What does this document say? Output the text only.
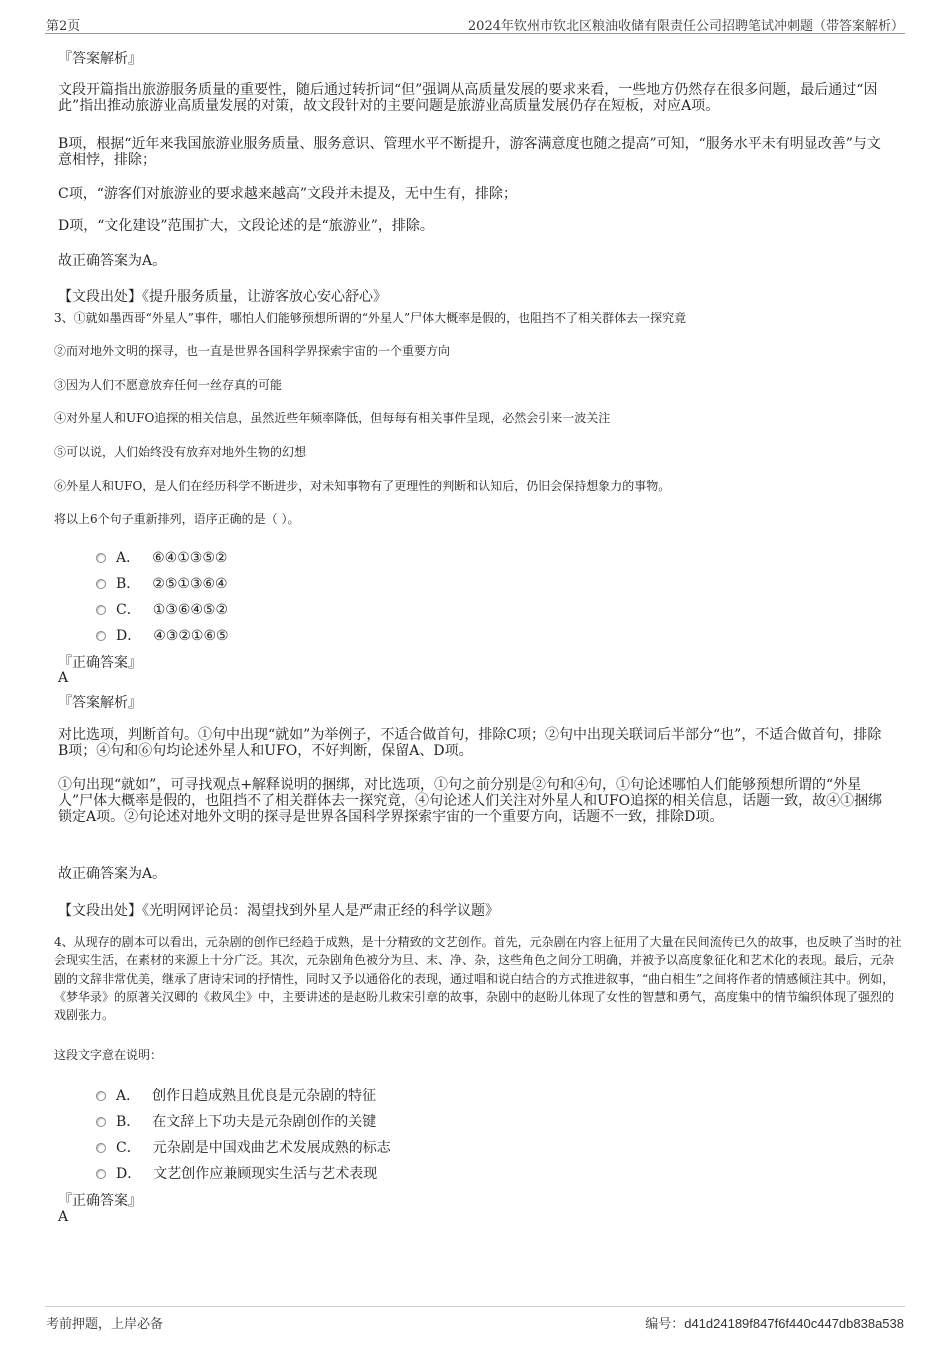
第2页	2024年钦州市钦北区粮油收储有限责任公司招聘笔试冲刺题（带答案解析）
『答案解析』
文段开篇指出旅游服务质量的重要性，随后通过转折词“但”强调从高质量发展的要求来看，一些地方仍然存在很多问题，最后通过“因此”指出推动旅游业高质量发展的对策，故文段针对的主要问题是旅游业高质量发展仍存在短板，对应A项。
B项，根据“近年来我国旅游业服务质量、服务意识、管理水平不断提升，游客满意度也随之提高”可知，“服务水平未有明显改善”与文意相悖，排除；
C项，“游客们对旅游业的要求越来越高”文段并未提及，无中生有，排除；
D项，“文化建设”范围扩大，文段论述的是“旅游业”，排除。
故正确答案为A。
【文段出处】《提升服务质量，让游客放心安心舒心》
3、①就如墨西哥“外星人”事件，哪怕人们能够预想所谓的“外星人”尸体大概率是假的，也阻挡不了相关群体去一探究竟
②而对地外文明的探寻，也一直是世界各国科学界探索宇宙的一个重要方向
③因为人们不愿意放弃任何一丝存真的可能
④对外星人和UFO追探的相关信息，虽然近些年频率降低，但每每有相关事件呈现，必然会引来一波关注
⑤可以说，人们始终没有放弃对地外生物的幻想
⑥外星人和UFO，是人们在经历科学不断进步，对未知事物有了更理性的判断和认知后，仍旧会保持想象力的事物。
将以上6个句子重新排列，语序正确的是（ ）。
A． ⑥④①③⑤②
B． ②⑤①③⑥④
C． ①③⑥④⑤②
D． ④③②①⑥⑤
『正确答案』
A
『答案解析』
对比选项，判断首句。①句中出现“就如”为举例子，不适合做首句，排除C项；②句中出现关联词后半部分“也”，不适合做首句，排除B项；④句和⑥句均论述外星人和UFO，不好判断，保留A、D项。
①句出现“就如”，可寻找观点+解释说明的捆绑，对比选项，①句之前分别是②句和④句，①句论述哪怕人们能够预想所谓的“外星人”尸体大概率是假的，也阻挡不了相关群体去一探究竟，④句论述人们关注对外星人和UFO追探的相关信息，话题一致，故④①捆绑锁定A项。②句论述对地外文明的探寻是世界各国科学界探索宇宙的一个重要方向，话题不一致，排除D项。
故正确答案为A。
【文段出处】《光明网评论员：渴望找到外星人是严肃正经的科学议题》
4、从现存的剧本可以看出，元杂剧的创作已经趋于成熟，是十分精致的文艺创作。首先，元杂剧在内容上征用了大量在民间流传已久的故事，也反映了当时的社会现实生活，在素材的来源上十分广泛。其次，元杂剧角色被分为旦、末、净、杂，这些角色之间分工明确，并被予以高度象征化和艺术化的表现。最后，元杂剧的文辞非常优美，继承了唐诗宋词的抒情性，同时又予以通俗化的表现，通过唱和说白结合的方式推进叙事，“曲白相生”之间将作者的情感倾注其中。例如，《梦华录》的原著关汉卿的《救风尘》中，主要讲述的是赵盼儿救宋引章的故事，杂剧中的赵盼儿体现了女性的智慧和勇气，高度集中的情节编织体现了强烈的戏剧张力。
这段文字意在说明：
A． 创作日趋成熟且优良是元杂剧的特征
B． 在文辞上下功夫是元杂剧创作的关键
C． 元杂剧是中国戏曲艺术发展成熟的标志
D． 文艺创作应兼顾现实生活与艺术表现
『正确答案』
A
考前押题，上岸必备	编号：d41d24189f847f6f440c447db838a538
